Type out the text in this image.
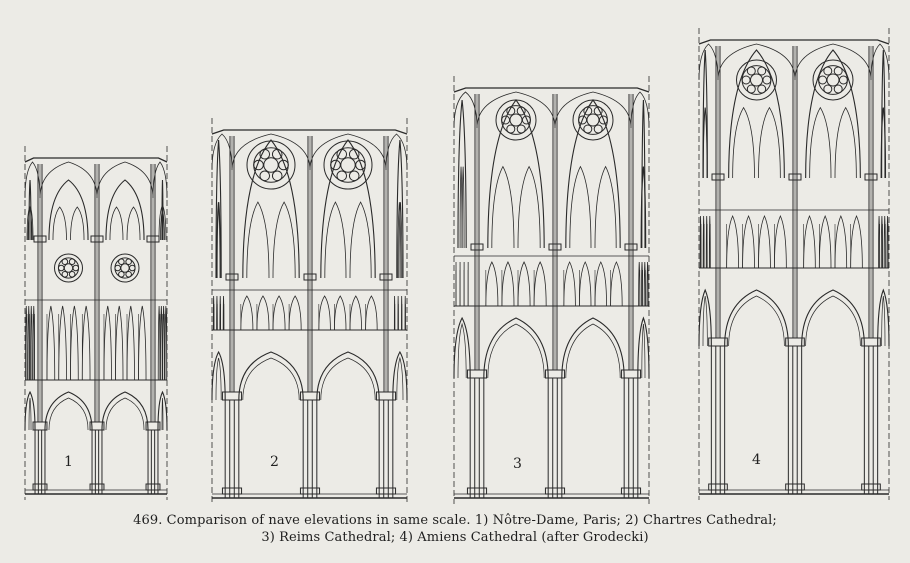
1	2	3	4
469. Comparison of nave elevations in same scale. 1) Nôtre-Dame, Paris; 2) Chartres Cathedral;
3) Reims Cathedral; 4) Amiens Cathedral (after Grodecki)
